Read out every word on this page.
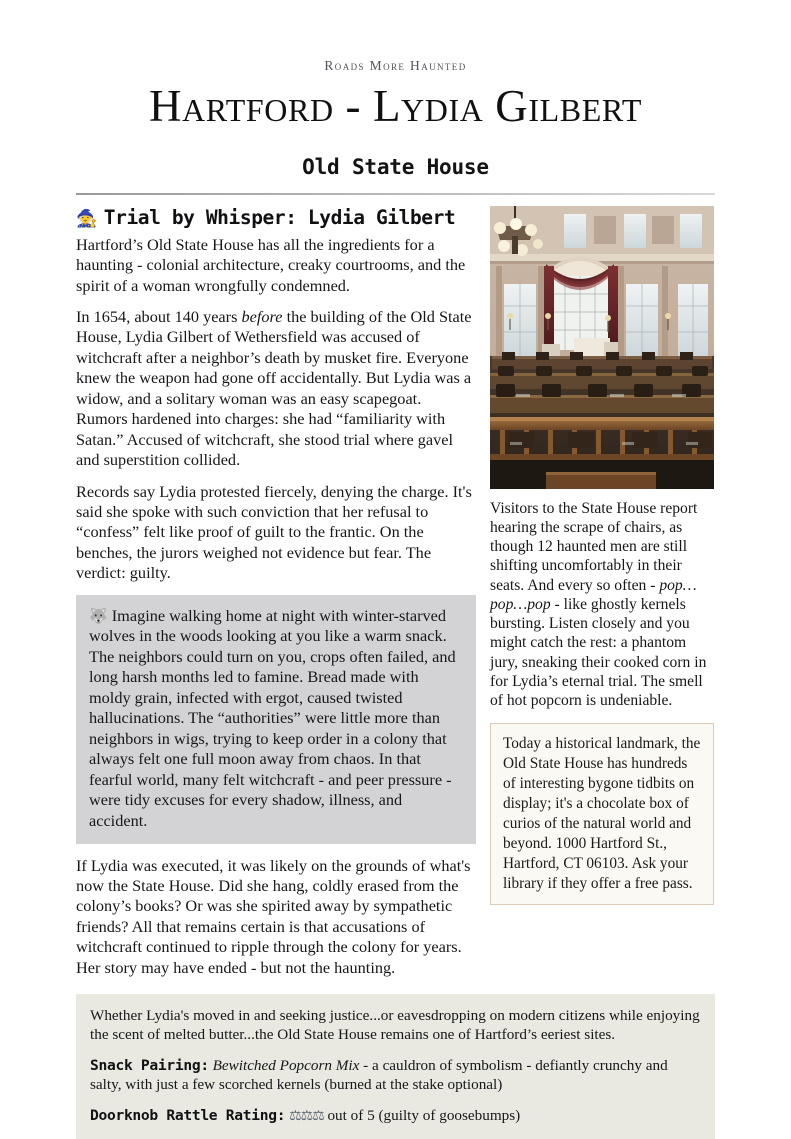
Roads More Haunted
Hartford - Lydia Gilbert
Old State House
🧙 Trial by Whisper: Lydia Gilbert

Hartford’s Old State House has all the ingredients for a haunting - colonial architecture, creaky courtrooms, and the spirit of a woman wrongfully condemned.

In 1654, about 140 years before the building of the Old State House, Lydia Gilbert of Wethersfield was accused of witchcraft after a neighbor’s death by musket fire. Everyone knew the weapon had gone off accidentally. But Lydia was a widow, and a solitary woman was an easy scapegoat. Rumors hardened into charges: she had “familiarity with Satan.” Accused of witchcraft, she stood trial where gavel and superstition collided.

Records say Lydia protested fiercely, denying the charge. It's said she spoke with such conviction that her refusal to “confess” felt like proof of guilt to the frantic. On the benches, the jurors weighed not evidence but fear. The verdict: guilty.

🐺 Imagine walking home at night with winter-starved wolves in the woods looking at you like a warm snack. The neighbors could turn on you, crops often failed, and long harsh months led to famine. Bread made with moldy grain, infected with ergot, caused twisted hallucinations. The “authorities” were little more than neighbors in wigs, trying to keep order in a colony that always felt one full moon away from chaos. In that fearful world, many felt witchcraft - and peer pressure - were tidy excuses for every shadow, illness, and accident.

If Lydia was executed, it was likely on the grounds of what's now the State House. Did she hang, coldly erased from the colony’s books? Or was she spirited away by sympathetic friends? All that remains certain is that accusations of witchcraft continued to ripple through the colony for years. Her story may have ended - but not the haunting.

Visitors to the State House report hearing the scrape of chairs, as though 12 haunted men are still shifting uncomfortably in their seats. And every so often - pop…pop…pop - like ghostly kernels bursting. Listen closely and you might catch the rest: a phantom jury, sneaking their cooked corn in for Lydia’s eternal trial. The smell of hot popcorn is undeniable.

Today a historical landmark, the Old State House has hundreds of interesting bygone tidbits on display; it's a chocolate box of curios of the natural world and beyond. 1000 Hartford St., Hartford, CT 06103. Ask your library if they offer a free pass.

Whether Lydia's moved in and seeking justice...or eavesdropping on modern citizens while enjoying the scent of melted butter...the Old State House remains one of Hartford’s eeriest sites.

Snack Pairing: Bewitched Popcorn Mix - a cauldron of symbolism - defiantly crunchy and salty, with just a few scorched kernels (burned at the stake optional)

Doorknob Rattle Rating: ⚖⚖⚖ out of 5 (guilty of goosebumps)
